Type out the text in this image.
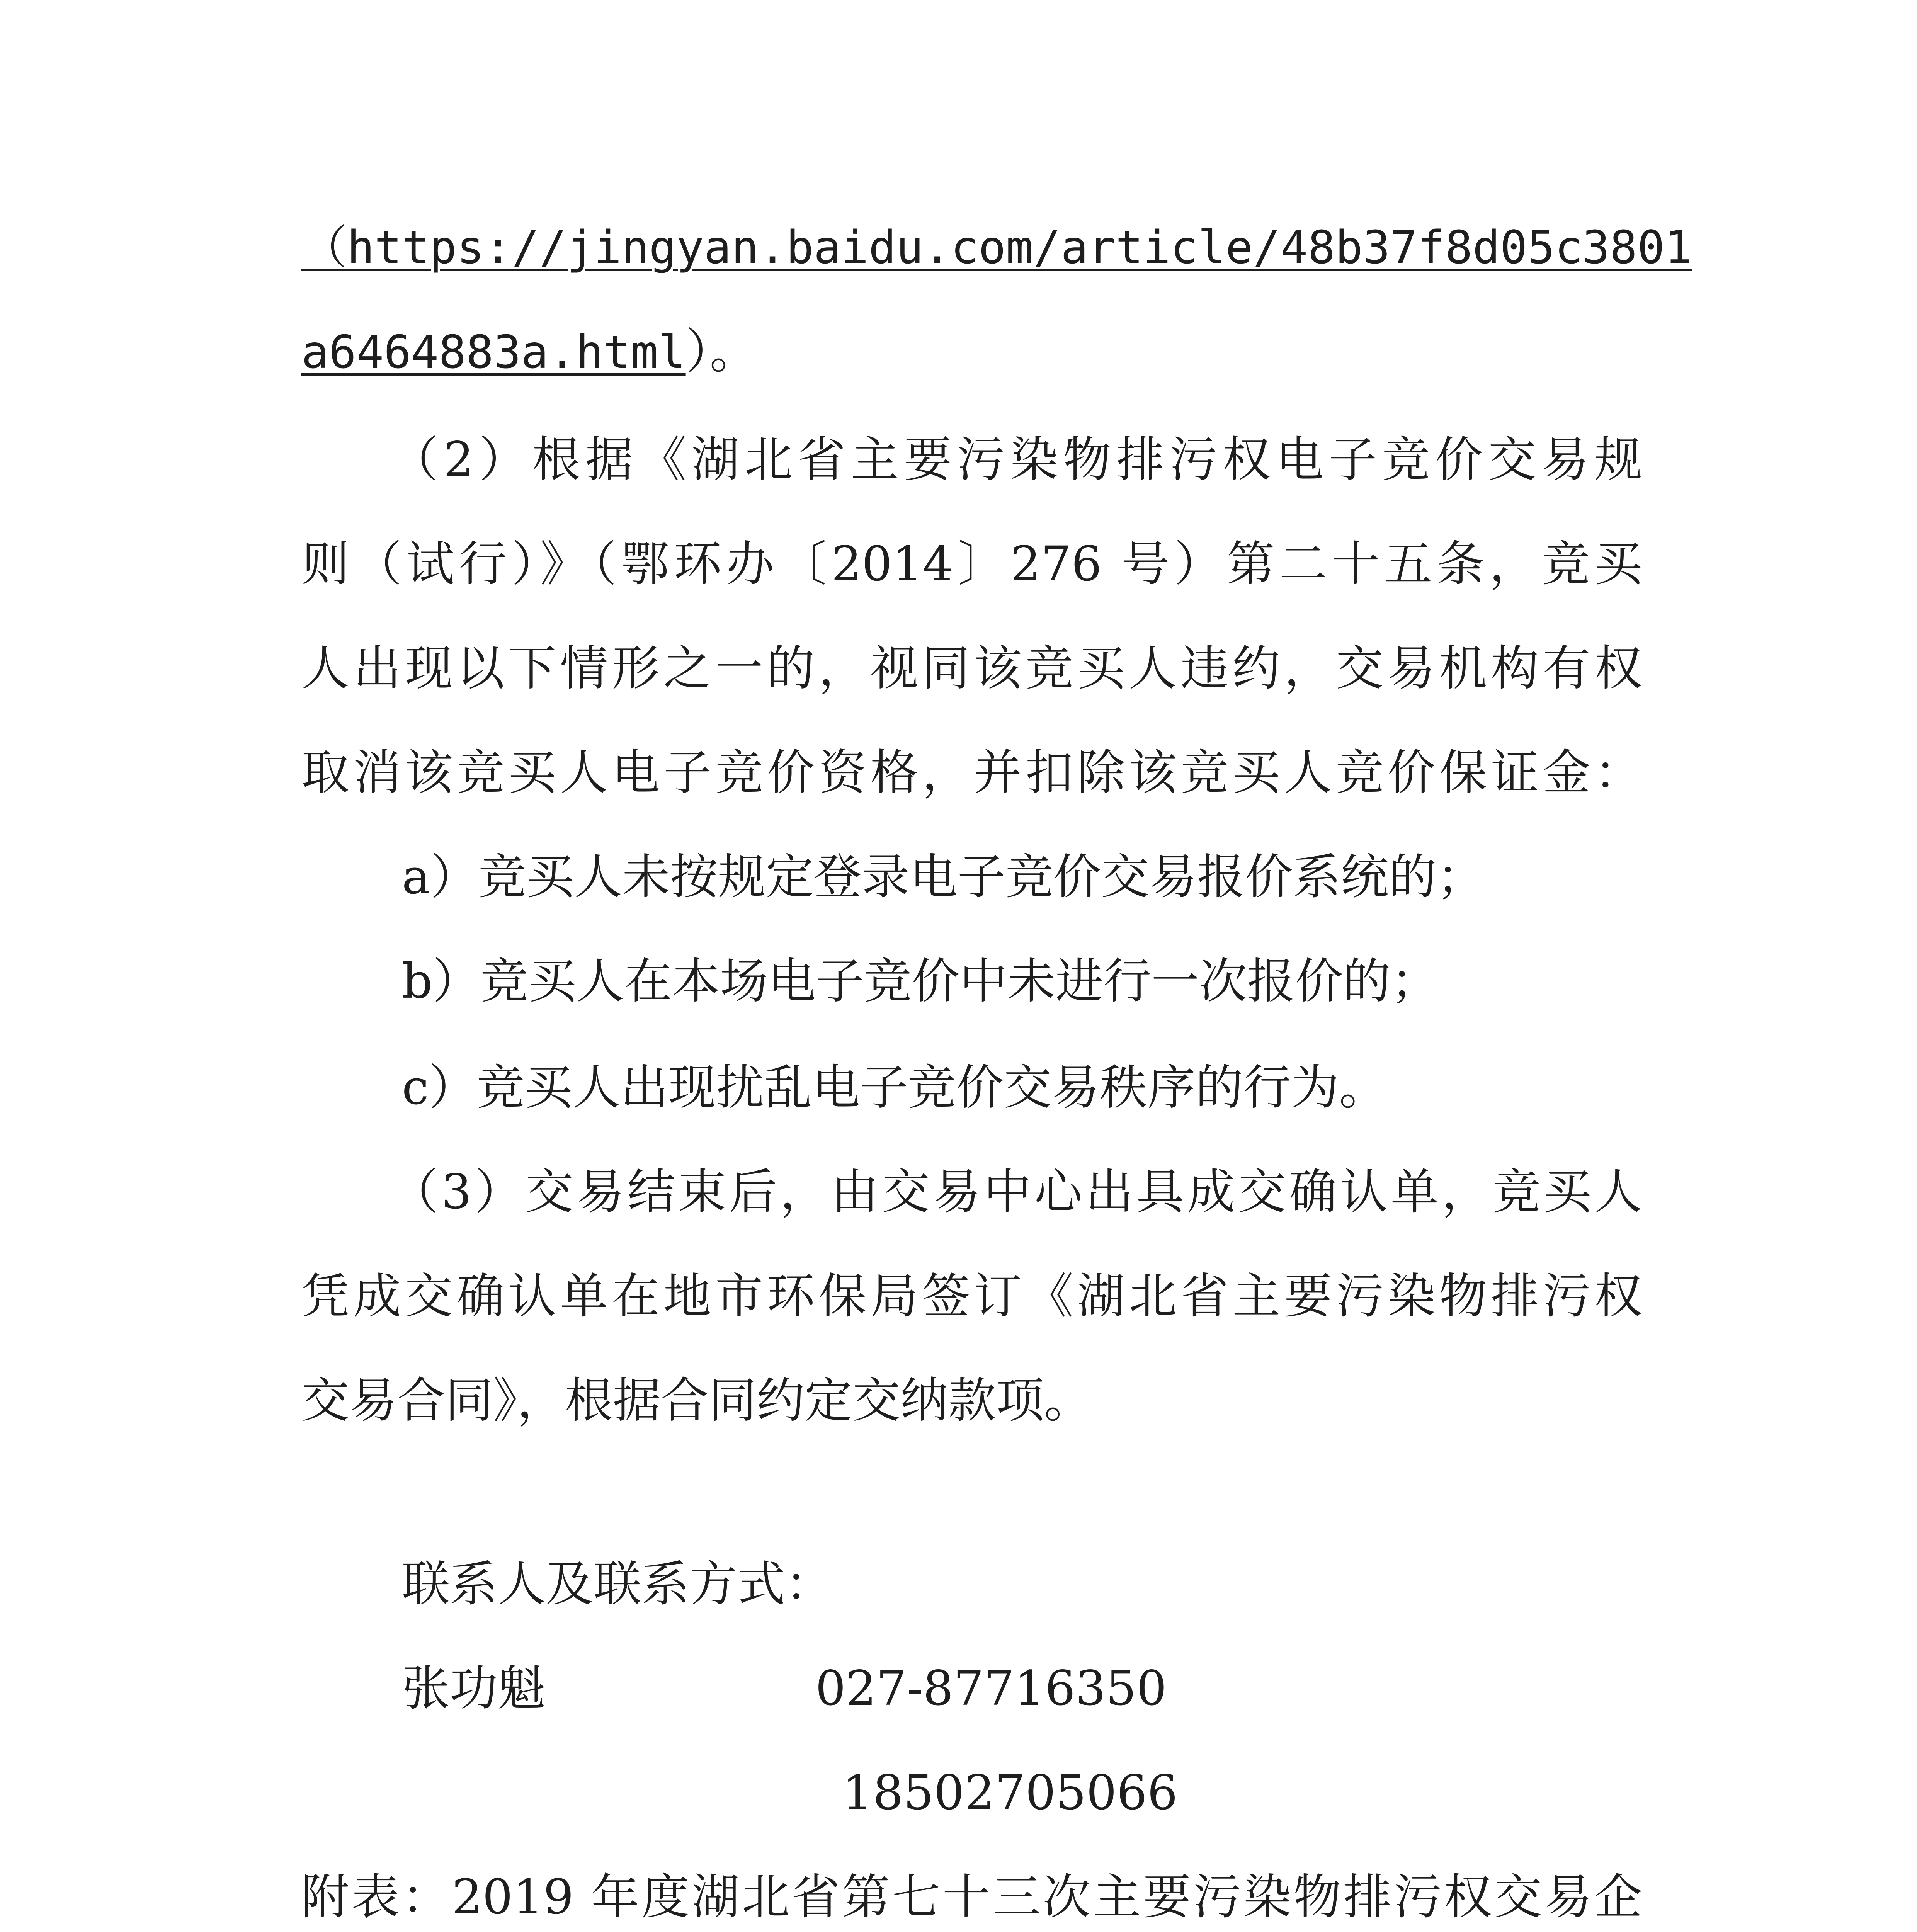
（https://jingyan.baidu.com/article/48b37f8d05c3801
a6464883a.html）。
（2）根据《湖北省主要污染物排污权电子竞价交易规
则（试行）》（鄂环办〔2014〕276 号）第二十五条，竞买
人出现以下情形之一的，视同该竞买人违约，交易机构有权
取消该竞买人电子竞价资格，并扣除该竞买人竞价保证金：
a）竞买人未按规定登录电子竞价交易报价系统的；
b）竞买人在本场电子竞价中未进行一次报价的；
c）竞买人出现扰乱电子竞价交易秩序的行为。
（3）交易结束后，由交易中心出具成交确认单，竞买人
凭成交确认单在地市环保局签订《湖北省主要污染物排污权
交易合同》，根据合同约定交纳款项。
联系人及联系方式：
张功魁	027-87716350
18502705066
附表：2019 年度湖北省第七十三次主要污染物排污权交易企
